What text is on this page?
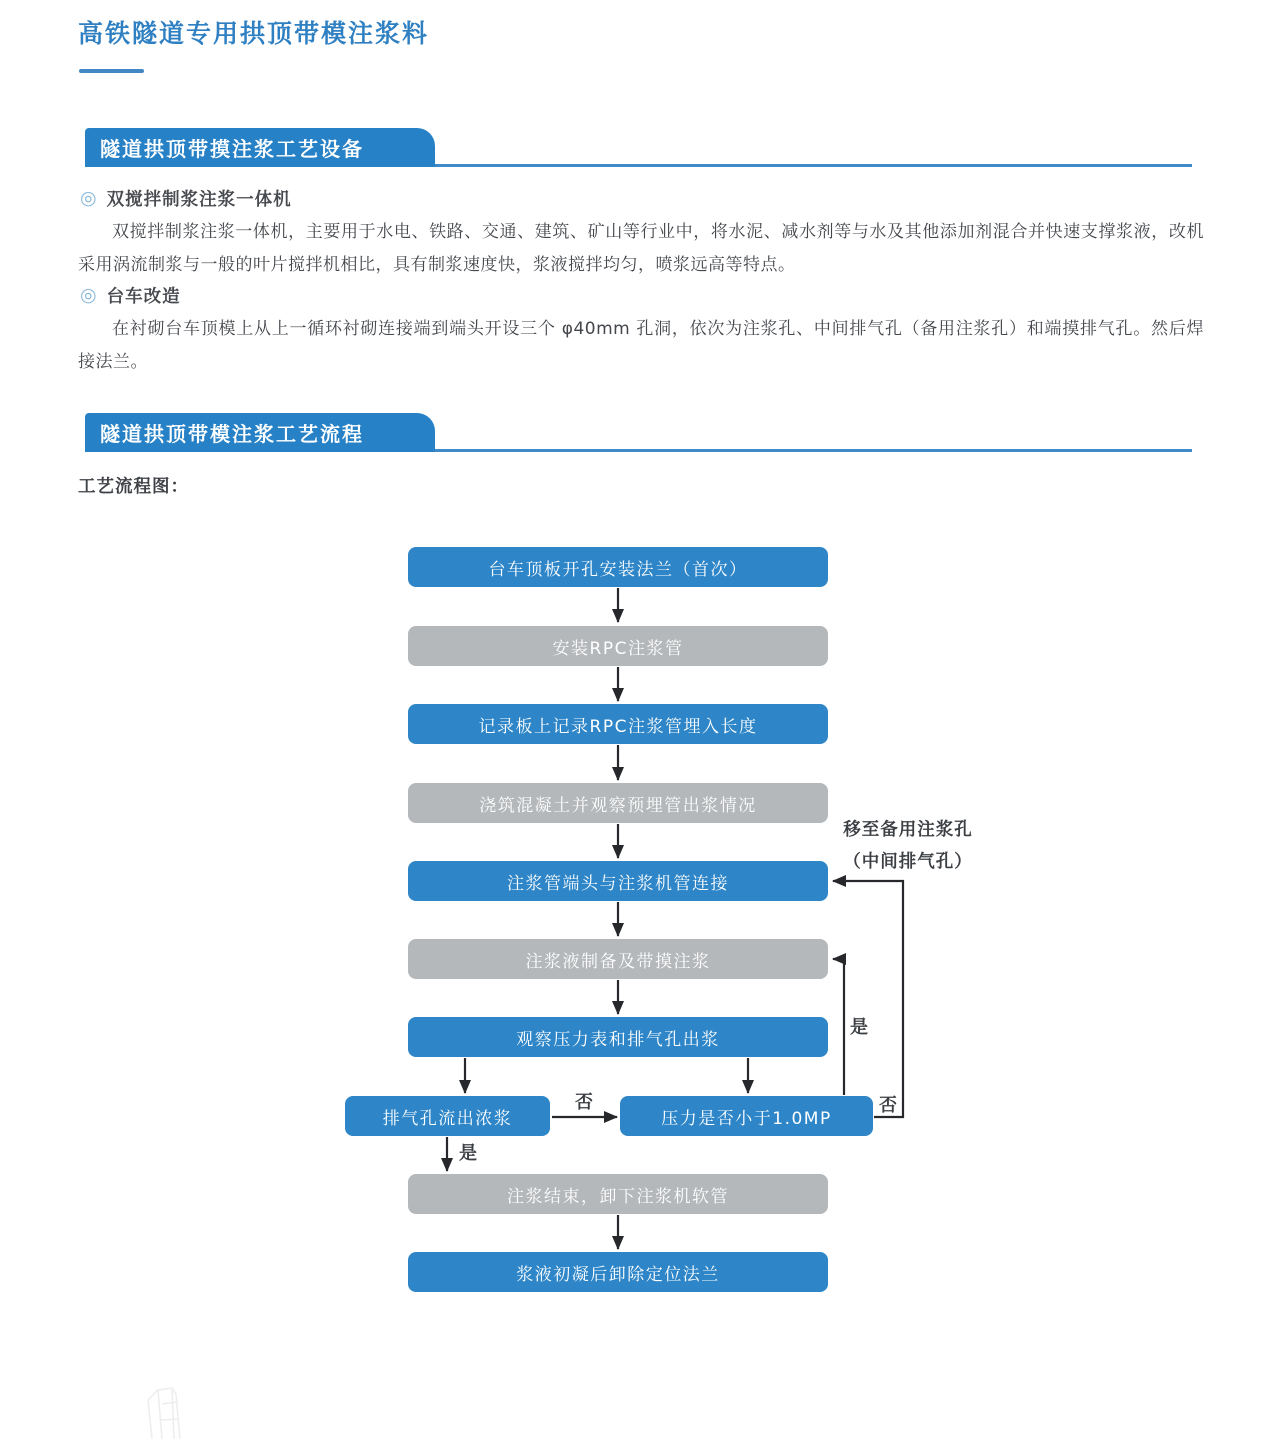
高铁隧道专用拱顶带模注浆料
隧道拱顶带摸注浆工艺设备
◎ 双搅拌制浆注浆一体机
双搅拌制浆注浆一体机，主要用于水电、铁路、交通、建筑、矿山等行业中，将水泥、减水剂等与水及其他添加剂混合并快速支撑浆液，改机采用涡流制浆与一般的叶片搅拌机相比，具有制浆速度快，浆液搅拌均匀，喷浆远高等特点。
◎ 台车改造
在衬砌台车顶模上从上一循环衬砌连接端到端头开设三个 φ40mm 孔洞，依次为注浆孔、中间排气孔（备用注浆孔）和端摸排气孔。然后焊接法兰。
隧道拱顶带模注浆工艺流程
工艺流程图：
台车顶板开孔安装法兰（首次）
安装RPC注浆管
记录板上记录RPC注浆管埋入长度
浇筑混凝土并观察预埋管出浆情况
注浆管端头与注浆机管连接
注浆液制备及带摸注浆
观察压力表和排气孔出浆
排气孔流出浓浆	压力是否小于1.0MP
注浆结束，卸下注浆机软管
浆液初凝后卸除定位法兰
否
是
是
否
移至备用注浆孔
（中间排气孔）
